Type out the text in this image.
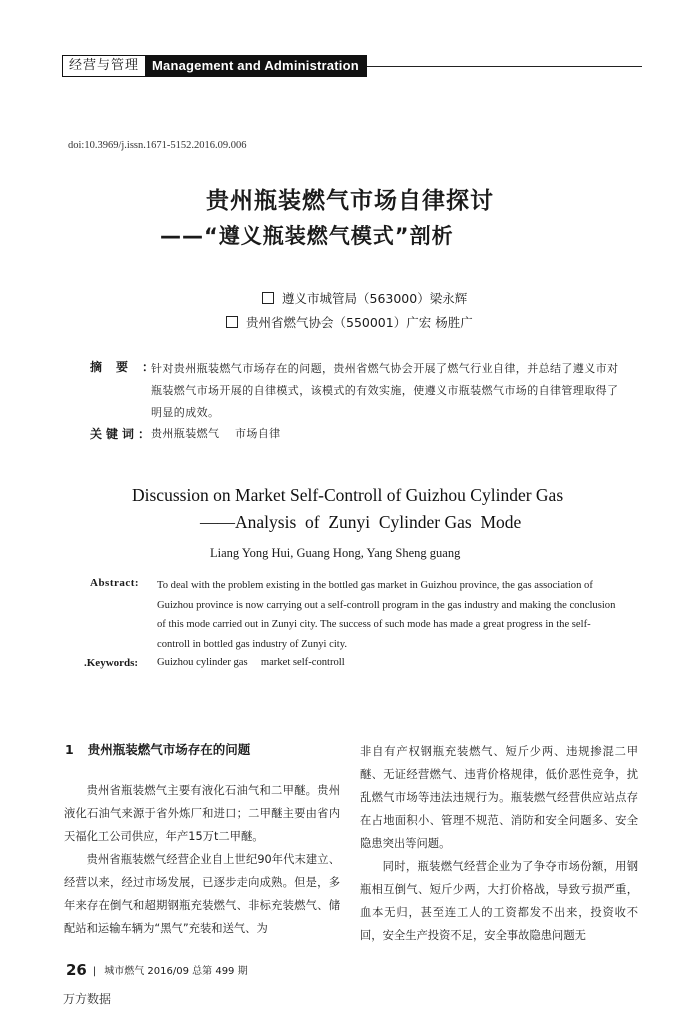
经营与管理	Management and Administration
doi:10.3969/j.issn.1671-5152.2016.09.006
贵州瓶装燃气市场自律探讨
——“遵义瓶装燃气模式”剖析
遵义市城管局（563000）梁永辉
贵州省燃气协会（550001）广宏 杨胜广
摘要：
针对贵州瓶装燃气市场存在的问题，贵州省燃气协会开展了燃气行业自律，并总结了遵义市对瓶装燃气市场开展的自律模式，该模式的有效实施，使遵义市瓶装燃气市场的自律管理取得了明显的成效。
关键词：
贵州瓶装燃气    市场自律
Discussion on Market Self-Controll of Guizhou Cylinder Gas
——Analysis  of  Zunyi  Cylinder Gas  Mode
Liang Yong Hui, Guang Hong, Yang Sheng guang
Abstract: To deal with the problem existing in the bottled gas market in Guizhou province, the gas association of Guizhou province is now carrying out a self-controll program in the gas industry and making the conclusion of this mode carried out in Zunyi city. The success of such mode has made a great progress in the self-controll in bottled gas industry of Zunyi city.
.Keywords: Guizhou cylinder gas     market self-controll
1 贵州瓶装燃气市场存在的问题

贵州省瓶装燃气主要有液化石油气和二甲醚。贵州液化石油气来源于省外炼厂和进口；二甲醚主要由省内天福化工公司供应，年产15万t二甲醚。

贵州省瓶装燃气经营企业自上世纪90年代末建立、经营以来，经过市场发展，已逐步走向成熟。但是，多年来存在倒气和超期钢瓶充装燃气、非标充装燃气、储配站和运输车辆为“黑气”充装和送气、为

非自有产权钢瓶充装燃气、短斤少两、违规掺混二甲醚、无证经营燃气、违背价格规律，低价恶性竞争，扰乱燃气市场等违法违规行为。瓶装燃气经营供应站点存在占地面积小、管理不规范、消防和安全问题多、安全隐患突出等问题。

同时，瓶装燃气经营企业为了争夺市场份额，用钢瓶相互倒气、短斤少两，大打价格战，导致亏损严重，血本无归，甚至连工人的工资都发不出来，投资收不回，安全生产投资不足，安全事故隐患问题无

26 | 城市燃气 2016/09 总第 499 期
万方数据
